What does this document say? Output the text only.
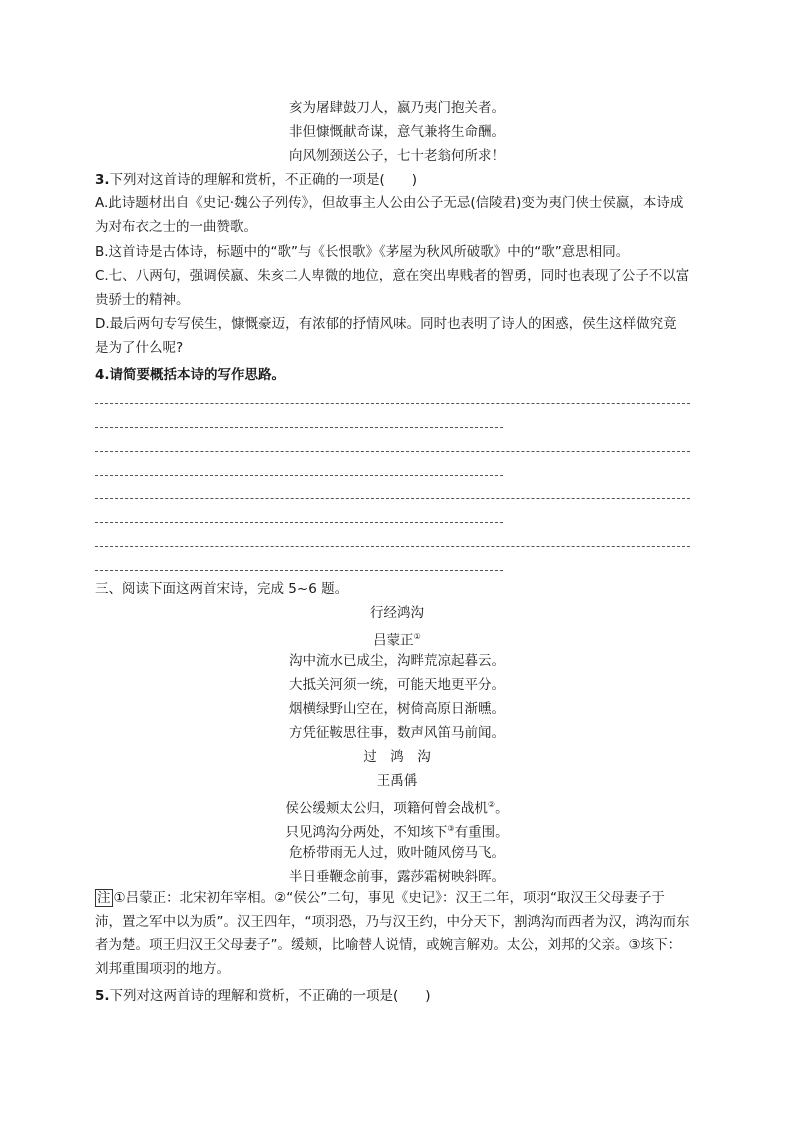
亥为屠肆鼓刀人，嬴乃夷门抱关者。
非但慷慨献奇谋，意气兼将生命酬。
向风刎颈送公子，七十老翁何所求！
3.下列对这首诗的理解和赏析，不正确的一项是(　　)
A.此诗题材出自《史记·魏公子列传》，但故事主人公由公子无忌(信陵君)变为夷门侠士侯嬴，本诗成为对布衣之士的一曲赞歌。
B.这首诗是古体诗，标题中的“歌”与《长恨歌》《茅屋为秋风所破歌》中的“歌”意思相同。
C.七、八两句，强调侯嬴、朱亥二人卑微的地位，意在突出卑贱者的智勇，同时也表现了公子不以富贵骄士的精神。
D.最后两句专写侯生，慷慨豪迈，有浓郁的抒情风味。同时也表明了诗人的困惑，侯生这样做究竟是为了什么呢?
4.请简要概括本诗的写作思路。
三、阅读下面这两首宋诗，完成 5~6 题。
行经鸿沟
吕蒙正①
沟中流水已成尘，沟畔荒凉起暮云。
大抵关河须一统，可能天地更平分。
烟横绿野山空在，树倚高原日渐曛。
方凭征鞍思往事，数声风笛马前闻。
过　鸿　沟
王禹偁
侯公缓颊太公归，项籍何曾会战机②。
只见鸿沟分两处，不知垓下③有重围。
危桥带雨无人过，败叶随风傍马飞。
半日垂鞭念前事，露莎霜树映斜晖。
注 ①吕蒙正：北宋初年宰相。②“侯公”二句，事见《史记》：汉王二年，项羽“取汉王父母妻子于沛，置之军中以为质”。汉王四年，“项羽恐，乃与汉王约，中分天下，割鸿沟而西者为汉，鸿沟而东者为楚。项王归汉王父母妻子”。缓颊，比喻替人说情，或婉言解劝。太公，刘邦的父亲。③垓下：刘邦重围项羽的地方。
5.下列对这两首诗的理解和赏析，不正确的一项是(　　)
